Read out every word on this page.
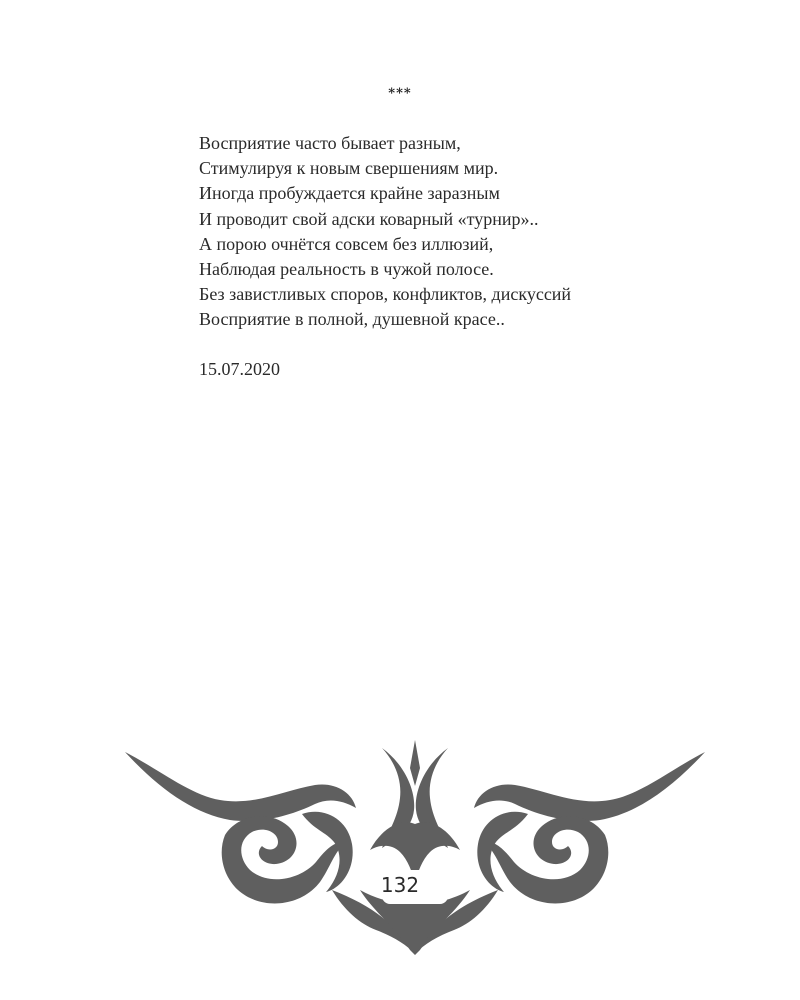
***
Восприятие часто бывает разным,
Стимулируя к новым свершениям мир.
Иногда пробуждается крайне заразным
И проводит свой адски коварный «турнир»..
А порою очнётся совсем без иллюзий,
Наблюдая реальность в чужой полосе.
Без завистливых споров, конфликтов, дискуссий
Восприятие в полной, душевной красе..
15.07.2020
132
